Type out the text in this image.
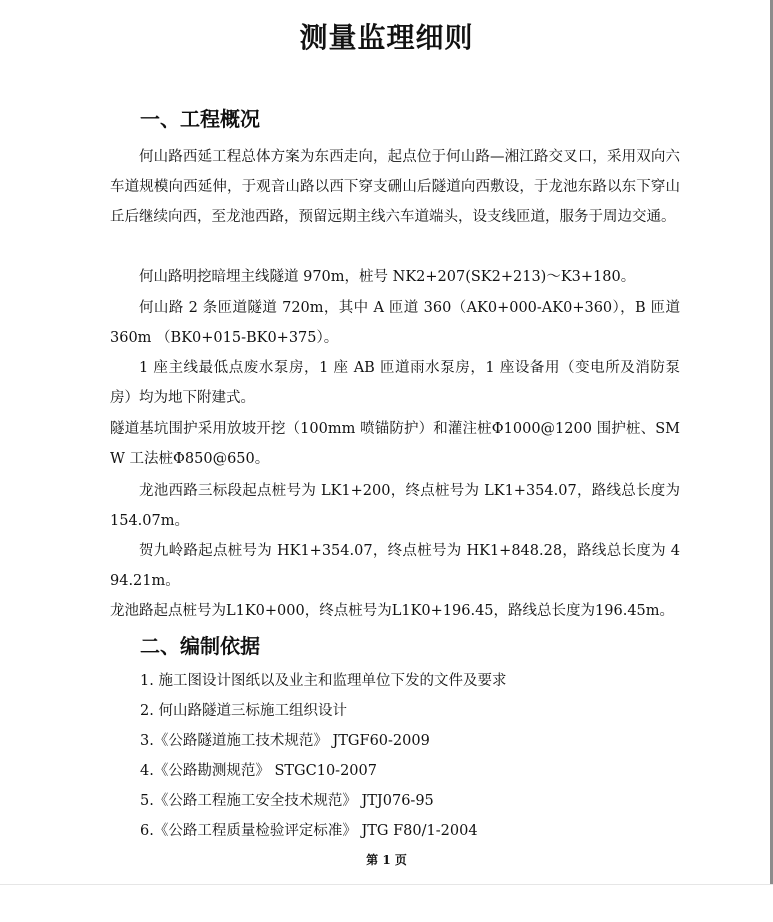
测量监理细则
一、工程概况
何山路西延工程总体方案为东西走向，起点位于何山路—湘江路交叉口，采用双向六车道规模向西延伸，于观音山路以西下穿支硎山后隧道向西敷设，于龙池东路以东下穿山丘后继续向西，至龙池西路，预留远期主线六车道端头，设支线匝道，服务于周边交通。
何山路明挖暗埋主线隧道 970m，桩号 NK2+207(SK2+213)～K3+180。
何山路 2 条匝道隧道 720m，其中 A 匝道 360（AK0+000-AK0+360），B 匝道 360m （BK0+015-BK0+375）。
1 座主线最低点废水泵房，1 座 AB 匝道雨水泵房，1 座设备用（变电所及消防泵房）均为地下附建式。
隧道基坑围护采用放坡开挖（100mm 喷锚防护）和灌注桩Φ1000@1200 围护桩、SMW 工法桩Φ850@650。
龙池西路三标段起点桩号为 LK1+200，终点桩号为 LK1+354.07，路线总长度为 154.07m。
贺九岭路起点桩号为 HK1+354.07，终点桩号为 HK1+848.28，路线总长度为 494.21m。
龙池路起点桩号为L1K0+000，终点桩号为L1K0+196.45，路线总长度为196.45m。
二、编制依据
1. 施工图设计图纸以及业主和监理单位下发的文件及要求
2. 何山路隧道三标施工组织设计
3.《公路隧道施工技术规范》 JTGF60-2009
4.《公路勘测规范》 STGC10-2007
5.《公路工程施工安全技术规范》 JTJ076-95
6.《公路工程质量检验评定标准》 JTG F80/1-2004
第 1 页
